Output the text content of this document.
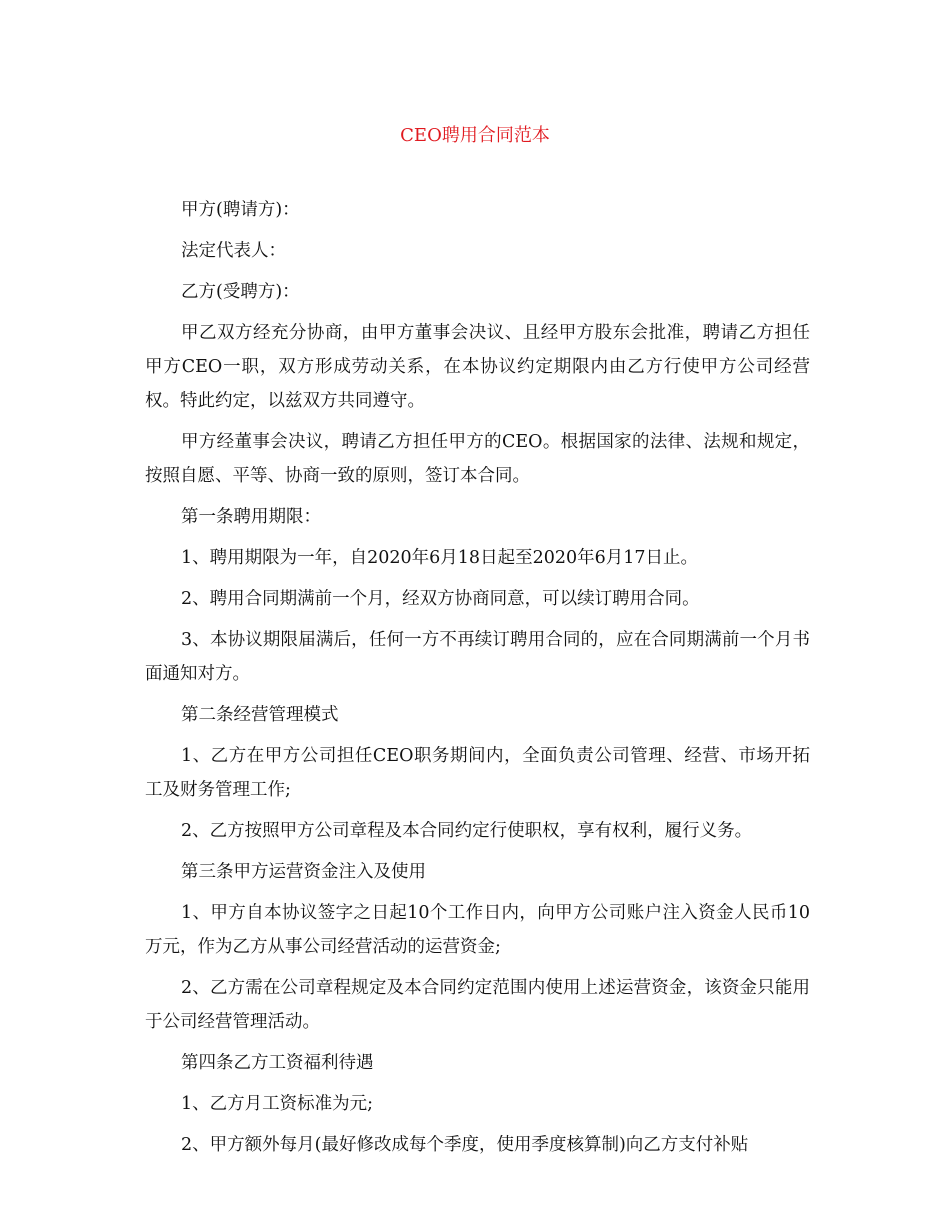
CEO聘用合同范本

甲方(聘请方)：

法定代表人：

乙方(受聘方)：

甲乙双方经充分协商，由甲方董事会决议、且经甲方股东会批准，聘请乙方担任甲方CEO一职，双方形成劳动关系，在本协议约定期限内由乙方行使甲方公司经营权。特此约定，以兹双方共同遵守。

甲方经董事会决议，聘请乙方担任甲方的CEO。根据国家的法律、法规和规定，按照自愿、平等、协商一致的原则，签订本合同。

第一条聘用期限：

1、聘用期限为一年，自2020年6月18日起至2020年6月17日止。

2、聘用合同期满前一个月，经双方协商同意，可以续订聘用合同。

3、本协议期限届满后，任何一方不再续订聘用合同的，应在合同期满前一个月书面通知对方。

第二条经营管理模式

1、乙方在甲方公司担任CEO职务期间内，全面负责公司管理、经营、市场开拓工及财务管理工作;

2、乙方按照甲方公司章程及本合同约定行使职权，享有权利，履行义务。

第三条甲方运营资金注入及使用

1、甲方自本协议签字之日起10个工作日内，向甲方公司账户注入资金人民币10万元，作为乙方从事公司经营活动的运营资金;

2、乙方需在公司章程规定及本合同约定范围内使用上述运营资金，该资金只能用于公司经营管理活动。

第四条乙方工资福利待遇

1、乙方月工资标准为元;

2、甲方额外每月(最好修改成每个季度，使用季度核算制)向乙方支付补贴
